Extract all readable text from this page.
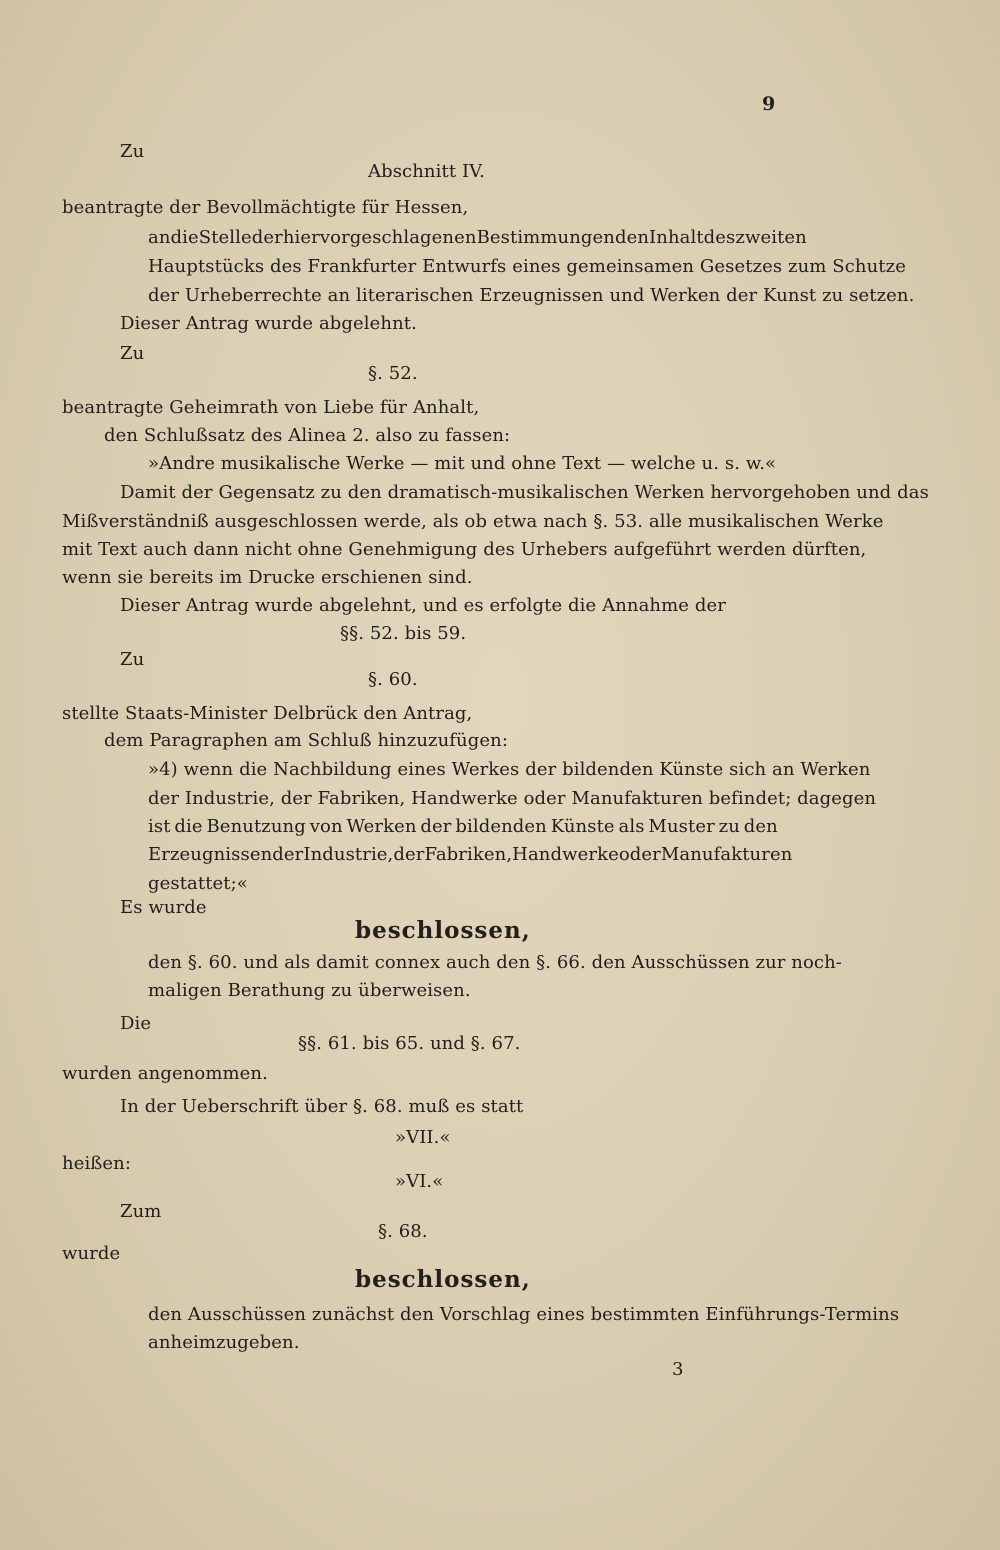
9
Zu
Abschnitt IV.
beantragte der Bevollmächtigte für Hessen,
an die Stelle der hier vorgeschlagenen Bestimmungen den Inhalt des zweiten
Hauptstücks des Frankfurter Entwurfs eines gemeinsamen Gesetzes zum Schutze
der Urheberrechte an literarischen Erzeugnissen und Werken der Kunst zu setzen.
Dieser Antrag wurde abgelehnt.
Zu
§. 52.
beantragte Geheimrath von Liebe für Anhalt,
den Schlußsatz des Alinea 2. also zu fassen:
»Andre musikalische Werke — mit und ohne Text — welche u. s. w.«
Damit der Gegensatz zu den dramatisch-musikalischen Werken hervorgehoben und das
Mißverständniß ausgeschlossen werde, als ob etwa nach §. 53. alle musikalischen Werke
mit Text auch dann nicht ohne Genehmigung des Urhebers aufgeführt werden dürften,
wenn sie bereits im Drucke erschienen sind.
Dieser Antrag wurde abgelehnt, und es erfolgte die Annahme der
§§. 52. bis 59.
Zu
§. 60.
stellte Staats-Minister Delbrück den Antrag,
dem Paragraphen am Schluß hinzuzufügen:
»4) wenn die Nachbildung eines Werkes der bildenden Künste sich an Werken
der Industrie, der Fabriken, Handwerke oder Manufakturen befindet; dagegen
ist die Benutzung von Werken der bildenden Künste als Muster zu den
Erzeugnissen der Industrie, der Fabriken, Handwerke oder Manufakturen
gestattet;«
Es wurde
beschlossen,
den §. 60. und als damit connex auch den §. 66. den Ausschüssen zur noch-
maligen Berathung zu überweisen.
Die
§§. 61. bis 65. und §. 67.
wurden angenommen.
In der Ueberschrift über §. 68. muß es statt
»VII.«
heißen:
»VI.«
Zum
§. 68.
wurde
beschlossen,
den Ausschüssen zunächst den Vorschlag eines bestimmten Einführungs-Termins
anheimzugeben.
3
